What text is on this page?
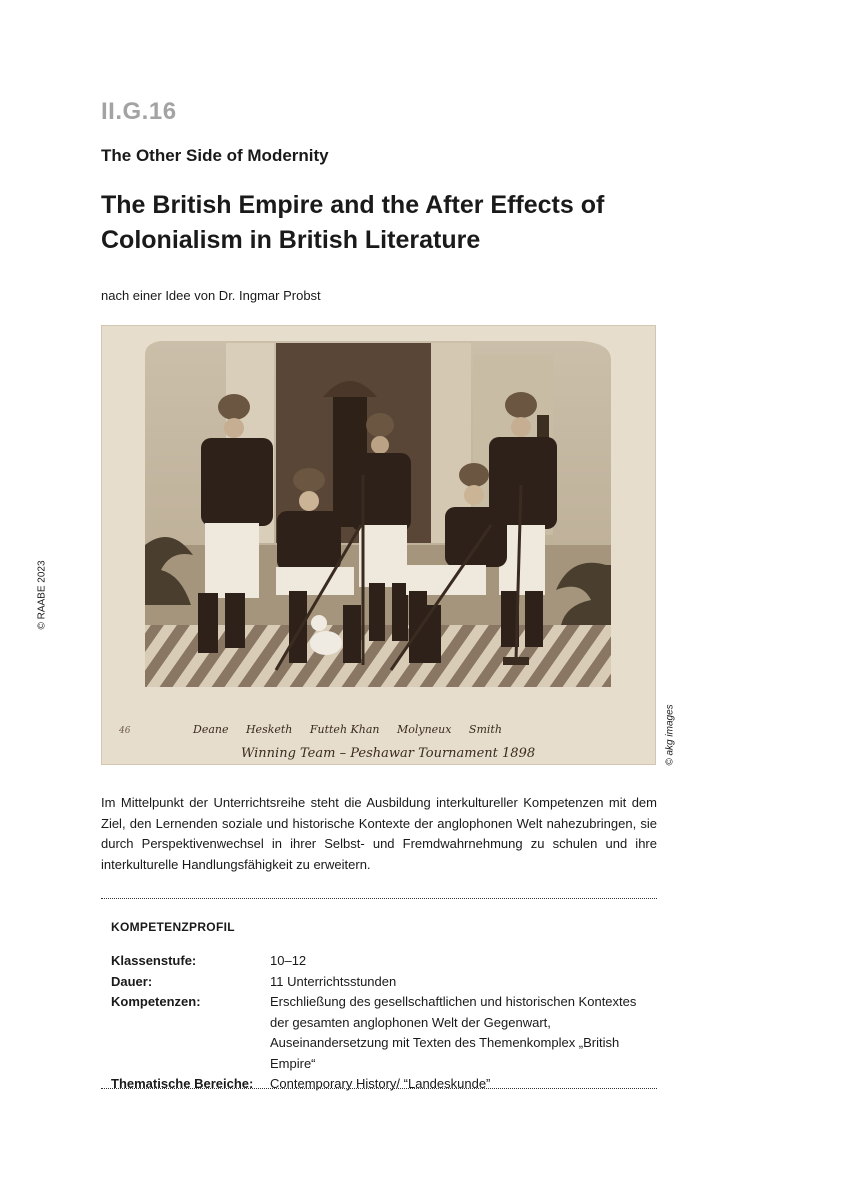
II.G.16
The Other Side of Modernity
The British Empire and the After Effects of Colonialism in British Literature
nach einer Idee von Dr. Ingmar Probst
© RAABE 2023
© akg images
Deane     Hesketh     Futteh Khan     Molyneux     Smith
Winning Team – Peshawar Tournament 1898
46
Im Mittelpunkt der Unterrichtsreihe steht die Ausbildung interkultureller Kompetenzen mit dem Ziel, den Lernenden soziale und historische Kontexte der anglophonen Welt nahezubringen, sie durch Perspektivenwechsel in ihrer Selbst- und Fremdwahrnehmung zu schulen und ihre interkulturelle Handlungsfähigkeit zu erweitern.
KOMPETENZPROFIL
Klassenstufe:	10–12
Dauer:	11 Unterrichtsstunden
Kompetenzen:	Erschließung des gesellschaftlichen und historischen Kontextes der gesamten anglophonen Welt der Gegenwart, Auseinandersetzung mit Texten des Themenkomplex „British Empire“
Thematische Bereiche:	Contemporary History/ “Landeskunde”
